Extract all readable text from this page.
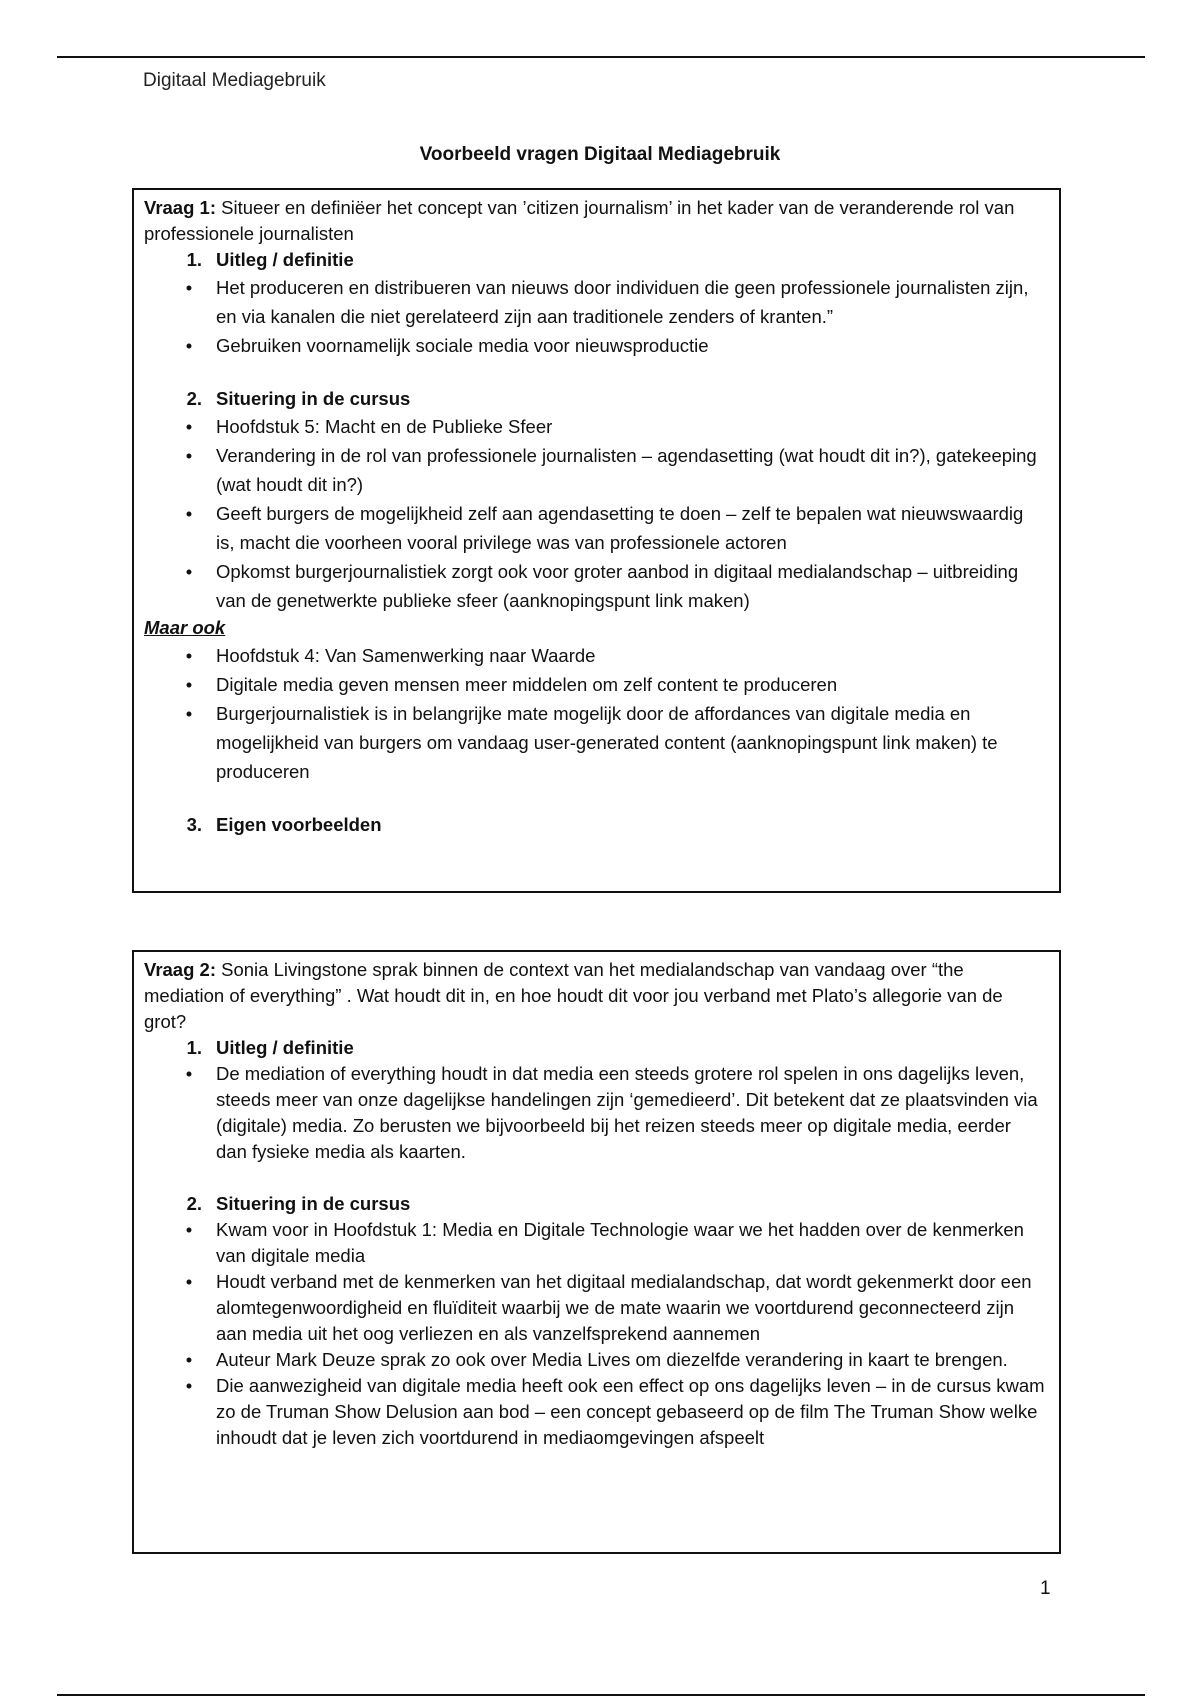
Digitaal Mediagebruik
Voorbeeld vragen Digitaal Mediagebruik

Vraag 1: Situeer en definiëer het concept van ’citizen journalism’ in het kader van de veranderende rol van professionele journalisten

1. Uitleg / definitie
•	Het produceren en distribueren van nieuws door individuen die geen professionele journalisten zijn, en via kanalen die niet gerelateerd zijn aan traditionele zenders of kranten.”
•	Gebruiken voornamelijk sociale media voor nieuwsproductie
2. Situering in de cursus
•	Hoofdstuk 5: Macht en de Publieke Sfeer
•	Verandering in de rol van professionele journalisten – agendasetting (wat houdt dit in?), gatekeeping (wat houdt dit in?)
•	Geeft burgers de mogelijkheid zelf aan agendasetting te doen – zelf te bepalen wat nieuwswaardig is, macht die voorheen vooral privilege was van professionele actoren
•	Opkomst burgerjournalistiek zorgt ook voor groter aanbod in digitaal medialandschap – uitbreiding van de genetwerkte publieke sfeer (aanknopingspunt link maken)

Maar ook

•	Hoofdstuk 4: Van Samenwerking naar Waarde
•	Digitale media geven mensen meer middelen om zelf content te produceren
•	Burgerjournalistiek is in belangrijke mate mogelijk door de affordances van digitale media en mogelijkheid van burgers om vandaag user-generated content (aanknopingspunt link maken) te produceren
3. Eigen voorbeelden

Vraag 2: Sonia Livingstone sprak binnen de context van het medialandschap van vandaag over “the mediation of everything” . Wat houdt dit in, en hoe houdt dit voor jou verband met Plato’s allegorie van de grot?

1. Uitleg / definitie
•	De mediation of everything houdt in dat media een steeds grotere rol spelen in ons dagelijks leven, steeds meer van onze dagelijkse handelingen zijn ‘gemedieerd’. Dit betekent dat ze plaatsvinden via (digitale) media. Zo berusten we bijvoorbeeld bij het reizen steeds meer op digitale media, eerder dan fysieke media als kaarten.
2. Situering in de cursus
•	Kwam voor in Hoofdstuk 1: Media en Digitale Technologie waar we het hadden over de kenmerken van digitale media
•	Houdt verband met de kenmerken van het digitaal medialandschap, dat wordt gekenmerkt door een alomtegenwoordigheid en fluïditeit waarbij we de mate waarin we voortdurend geconnecteerd zijn aan media uit het oog verliezen en als vanzelfsprekend aannemen
•	Auteur Mark Deuze sprak zo ook over Media Lives om diezelfde verandering in kaart te brengen.
•	Die aanwezigheid van digitale media heeft ook een effect op ons dagelijks leven – in de cursus kwam zo de Truman Show Delusion aan bod – een concept gebaseerd op de film The Truman Show welke inhoudt dat je leven zich voortdurend in mediaomgevingen afspeelt
1
